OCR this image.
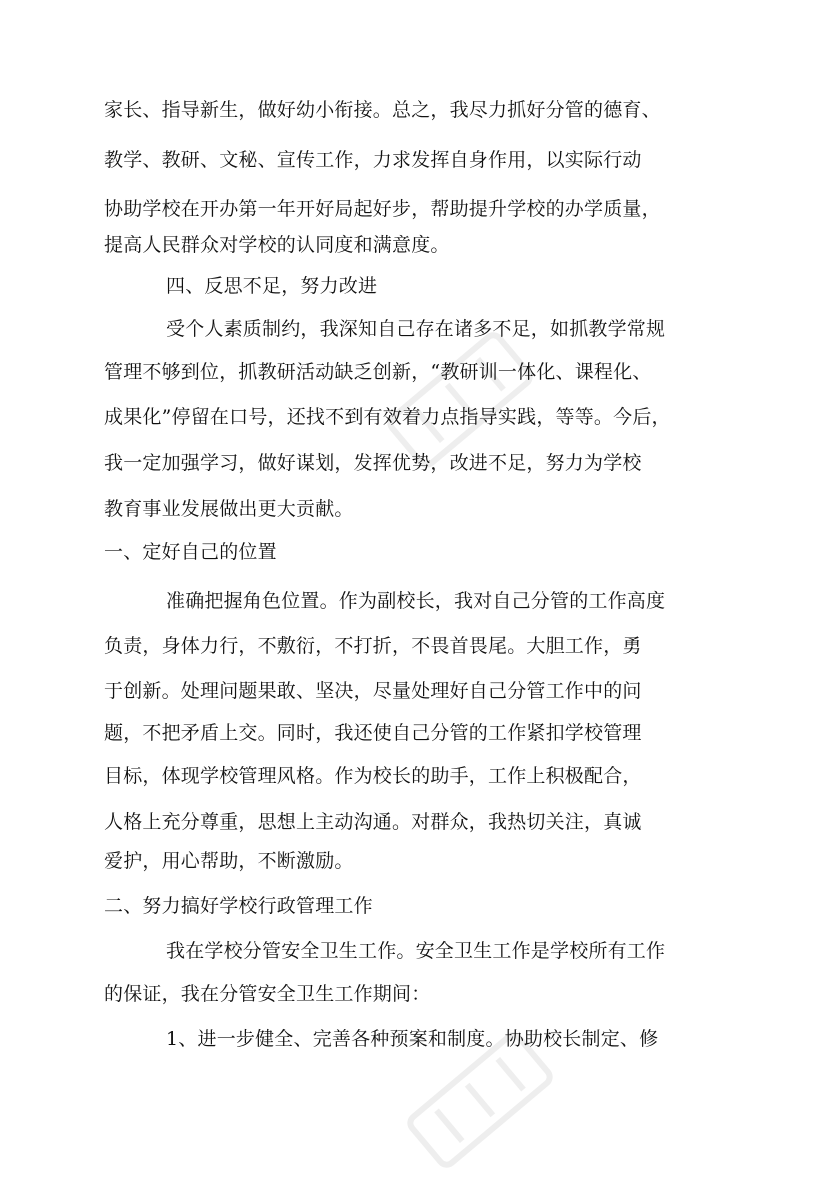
家长、指导新生，做好幼小衔接。总之，我尽力抓好分管的德育、
教学、教研、文秘、宣传工作，力求发挥自身作用，以实际行动
协助学校在开办第一年开好局起好步，帮助提升学校的办学质量，
提高人民群众对学校的认同度和满意度。
四、反思不足，努力改进
受个人素质制约，我深知自己存在诸多不足，如抓教学常规
管理不够到位，抓教研活动缺乏创新，“教研训一体化、课程化、
成果化”停留在口号，还找不到有效着力点指导实践，等等。今后，
我一定加强学习，做好谋划，发挥优势，改进不足，努力为学校
教育事业发展做出更大贡献。
一、定好自己的位置
准确把握角色位置。作为副校长，我对自己分管的工作高度
负责，身体力行，不敷衍，不打折，不畏首畏尾。大胆工作，勇
于创新。处理问题果敢、坚决，尽量处理好自己分管工作中的问
题，不把矛盾上交。同时，我还使自己分管的工作紧扣学校管理
目标，体现学校管理风格。作为校长的助手，工作上积极配合，
人格上充分尊重，思想上主动沟通。对群众，我热切关注，真诚
爱护，用心帮助，不断激励。
二、努力搞好学校行政管理工作
我在学校分管安全卫生工作。安全卫生工作是学校所有工作
的保证，我在分管安全卫生工作期间：
1、进一步健全、完善各种预案和制度。协助校长制定、修
